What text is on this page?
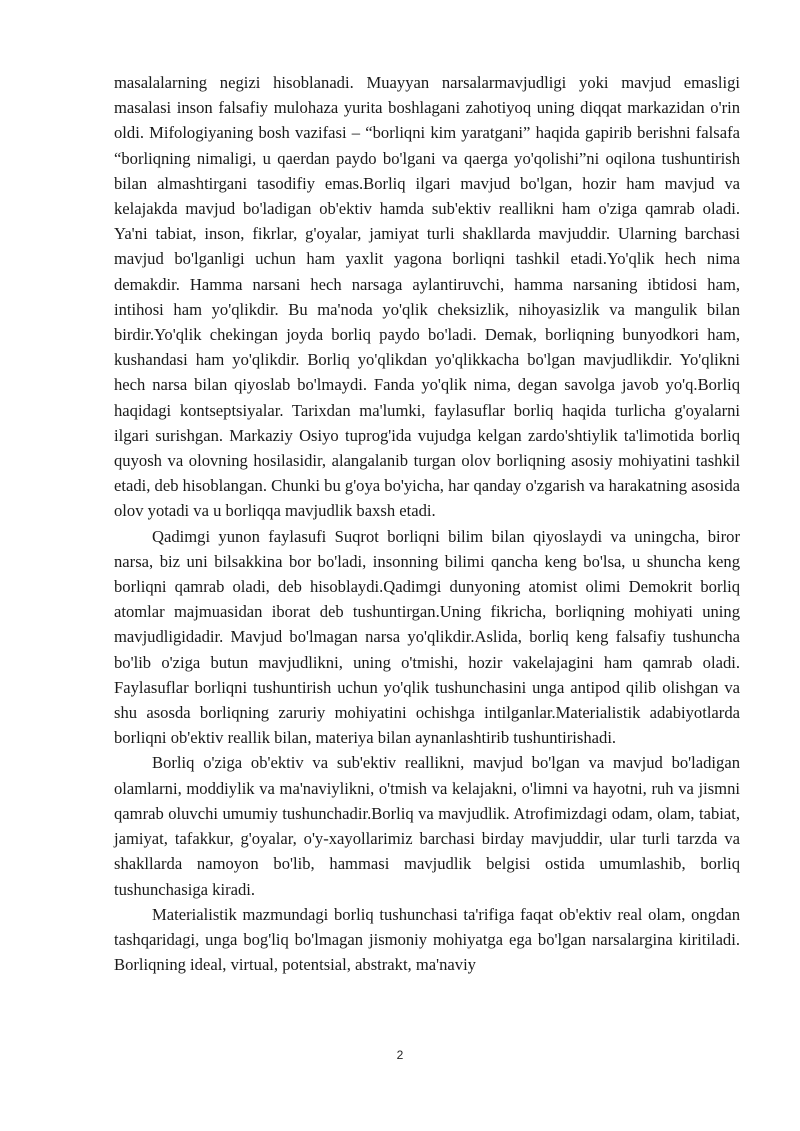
masalalarning negizi hisoblanadi. Muayyan narsalarmavjudligi yoki mavjud emasligi masalasi inson falsafiy mulohaza yurita boshlagani zahotiyoq uning diqqat markazidan o'rin oldi. Mifologiyaning bosh vazifasi – “borliqni kim yaratgani” haqida gapirib berishni falsafa “borliqning nimaligi, u qaerdan paydo bo'lgani va qaerga yo'qolishi”ni oqilona tushuntirish bilan almashtirgani tasodifiy emas.Borliq ilgari mavjud bo'lgan, hozir ham mavjud va kelajakda mavjud bo'ladigan ob'ektiv hamda sub'ektiv reallikni ham o'ziga qamrab oladi. Ya'ni tabiat, inson, fikrlar, g'oyalar, jamiyat turli shakllarda mavjuddir. Ularning barchasi mavjud bo'lganligi uchun ham yaxlit yagona borliqni tashkil etadi.Yo'qlik hech nima demakdir. Hamma narsani hech narsaga aylantiruvchi, hamma narsaning ibtidosi ham, intihosi ham yo'qlikdir. Bu ma'noda yo'qlik cheksizlik, nihoyasizlik va mangulik bilan birdir.Yo'qlik chekingan joyda borliq paydo bo'ladi. Demak, borliqning bunyodkori ham, kushandasi ham yo'qlikdir. Borliq yo'qlikdan yo'qlikkacha bo'lgan mavjudlikdir. Yo'qlikni hech narsa bilan qiyoslab bo'lmaydi. Fanda yo'qlik nima, degan savolga javob yo'q.Borliq haqidagi kontseptsiyalar. Tarixdan ma'lumki, faylasuflar borliq haqida turlicha g'oyalarni ilgari surishgan. Markaziy Osiyo tuprog'ida vujudga kelgan zardo'shtiylik ta'limotida borliq quyosh va olovning hosilasidir, alangalanib turgan olov borliqning asosiy mohiyatini tashkil etadi, deb hisoblangan. Chunki bu g'oya bo'yicha, har qanday o'zgarish va harakatning asosida olov yotadi va u borliqqa mavjudlik baxsh etadi.

Qadimgi yunon faylasufi Suqrot borliqni bilim bilan qiyoslaydi va uningcha, biror narsa, biz uni bilsakkina bor bo'ladi, insonning bilimi qancha keng bo'lsa, u shuncha keng borliqni qamrab oladi, deb hisoblaydi.Qadimgi dunyoning atomist olimi Demokrit borliq atomlar majmuasidan iborat deb tushuntirgan.Uning fikricha, borliqning mohiyati uning mavjudligidadir. Mavjud bo'lmagan narsa yo'qlikdir.Aslida, borliq keng falsafiy tushuncha bo'lib o'ziga butun mavjudlikni, uning o'tmishi, hozir vakelajagini ham qamrab oladi. Faylasuflar borliqni tushuntirish uchun yo'qlik tushunchasini unga antipod qilib olishgan va shu asosda borliqning zaruriy mohiyatini ochishga intilganlar.Materialistik adabiyotlarda borliqni ob'ektiv reallik bilan, materiya bilan aynanlashtirib tushuntirishadi.

Borliq o'ziga ob'ektiv va sub'ektiv reallikni, mavjud bo'lgan va mavjud bo'ladigan olamlarni, moddiylik va ma'naviylikni, o'tmish va kelajakni, o'limni va hayotni, ruh va jismni qamrab oluvchi umumiy tushunchadir.Borliq va mavjudlik. Atrofimizdagi odam, olam, tabiat, jamiyat, tafakkur, g'oyalar, o'y-xayollarimiz barchasi birday mavjuddir, ular turli tarzda va shakllarda namoyon bo'lib, hammasi mavjudlik belgisi ostida umumlashib, borliq tushunchasiga kiradi.

Materialistik mazmundagi borliq tushunchasi ta'rifiga faqat ob'ektiv real olam, ongdan tashqaridagi, unga bog'liq bo'lmagan jismoniy mohiyatga ega bo'lgan narsalargina kiritiladi. Borliqning ideal, virtual, potentsial, abstrakt, ma'naviy

2
